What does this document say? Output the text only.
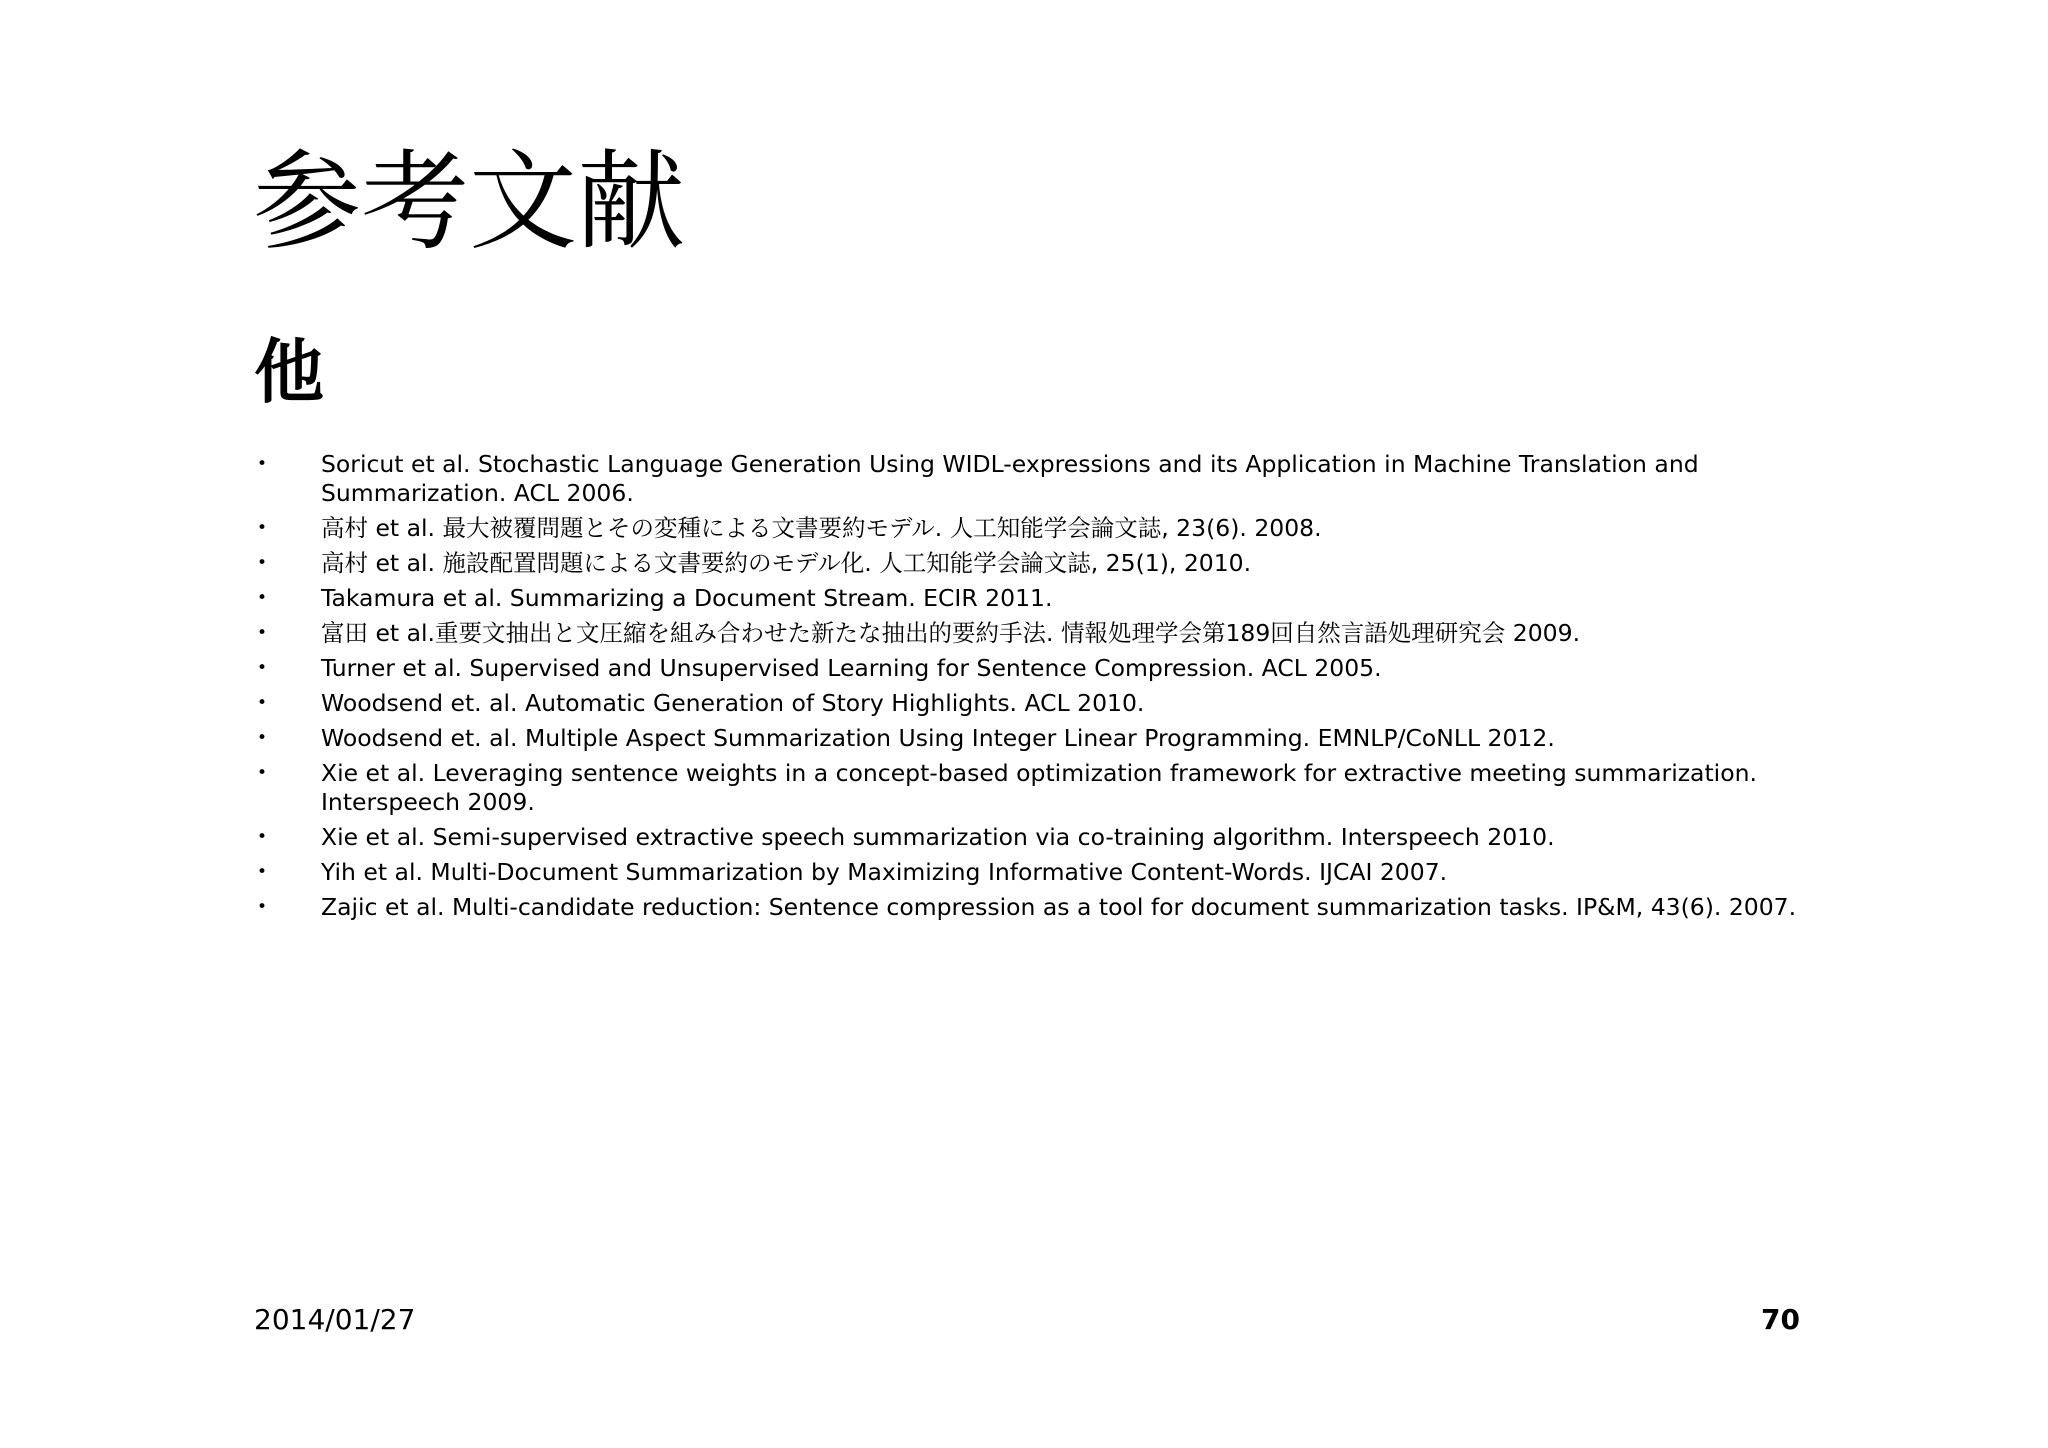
参考文献
他
• Soricut et al. Stochastic Language Generation Using WIDL-expressions and its Application in Machine Translation and Summarization. ACL 2006.
• 高村 et al. 最大被覆問題とその変種による文書要約モデル. 人工知能学会論文誌, 23(6). 2008.
• 高村 et al. 施設配置問題による文書要約のモデル化. 人工知能学会論文誌, 25(1), 2010.
• Takamura et al. Summarizing a Document Stream. ECIR 2011.
• 富田 et al.重要文抽出と文圧縮を組み合わせた新たな抽出的要約手法. 情報処理学会第189回自然言語処理研究会 2009.
• Turner et al. Supervised and Unsupervised Learning for Sentence Compression. ACL 2005.
• Woodsend et. al. Automatic Generation of Story Highlights. ACL 2010.
• Woodsend et. al. Multiple Aspect Summarization Using Integer Linear Programming. EMNLP/CoNLL 2012.
• Xie et al. Leveraging sentence weights in a concept-based optimization framework for extractive meeting summarization. Interspeech 2009.
• Xie et al. Semi-supervised extractive speech summarization via co-training algorithm. Interspeech 2010.
• Yih et al. Multi-Document Summarization by Maximizing Informative Content-Words. IJCAI 2007.
• Zajic et al. Multi-candidate reduction: Sentence compression as a tool for document summarization tasks. IP&M, 43(6). 2007.
2014/01/27	70
